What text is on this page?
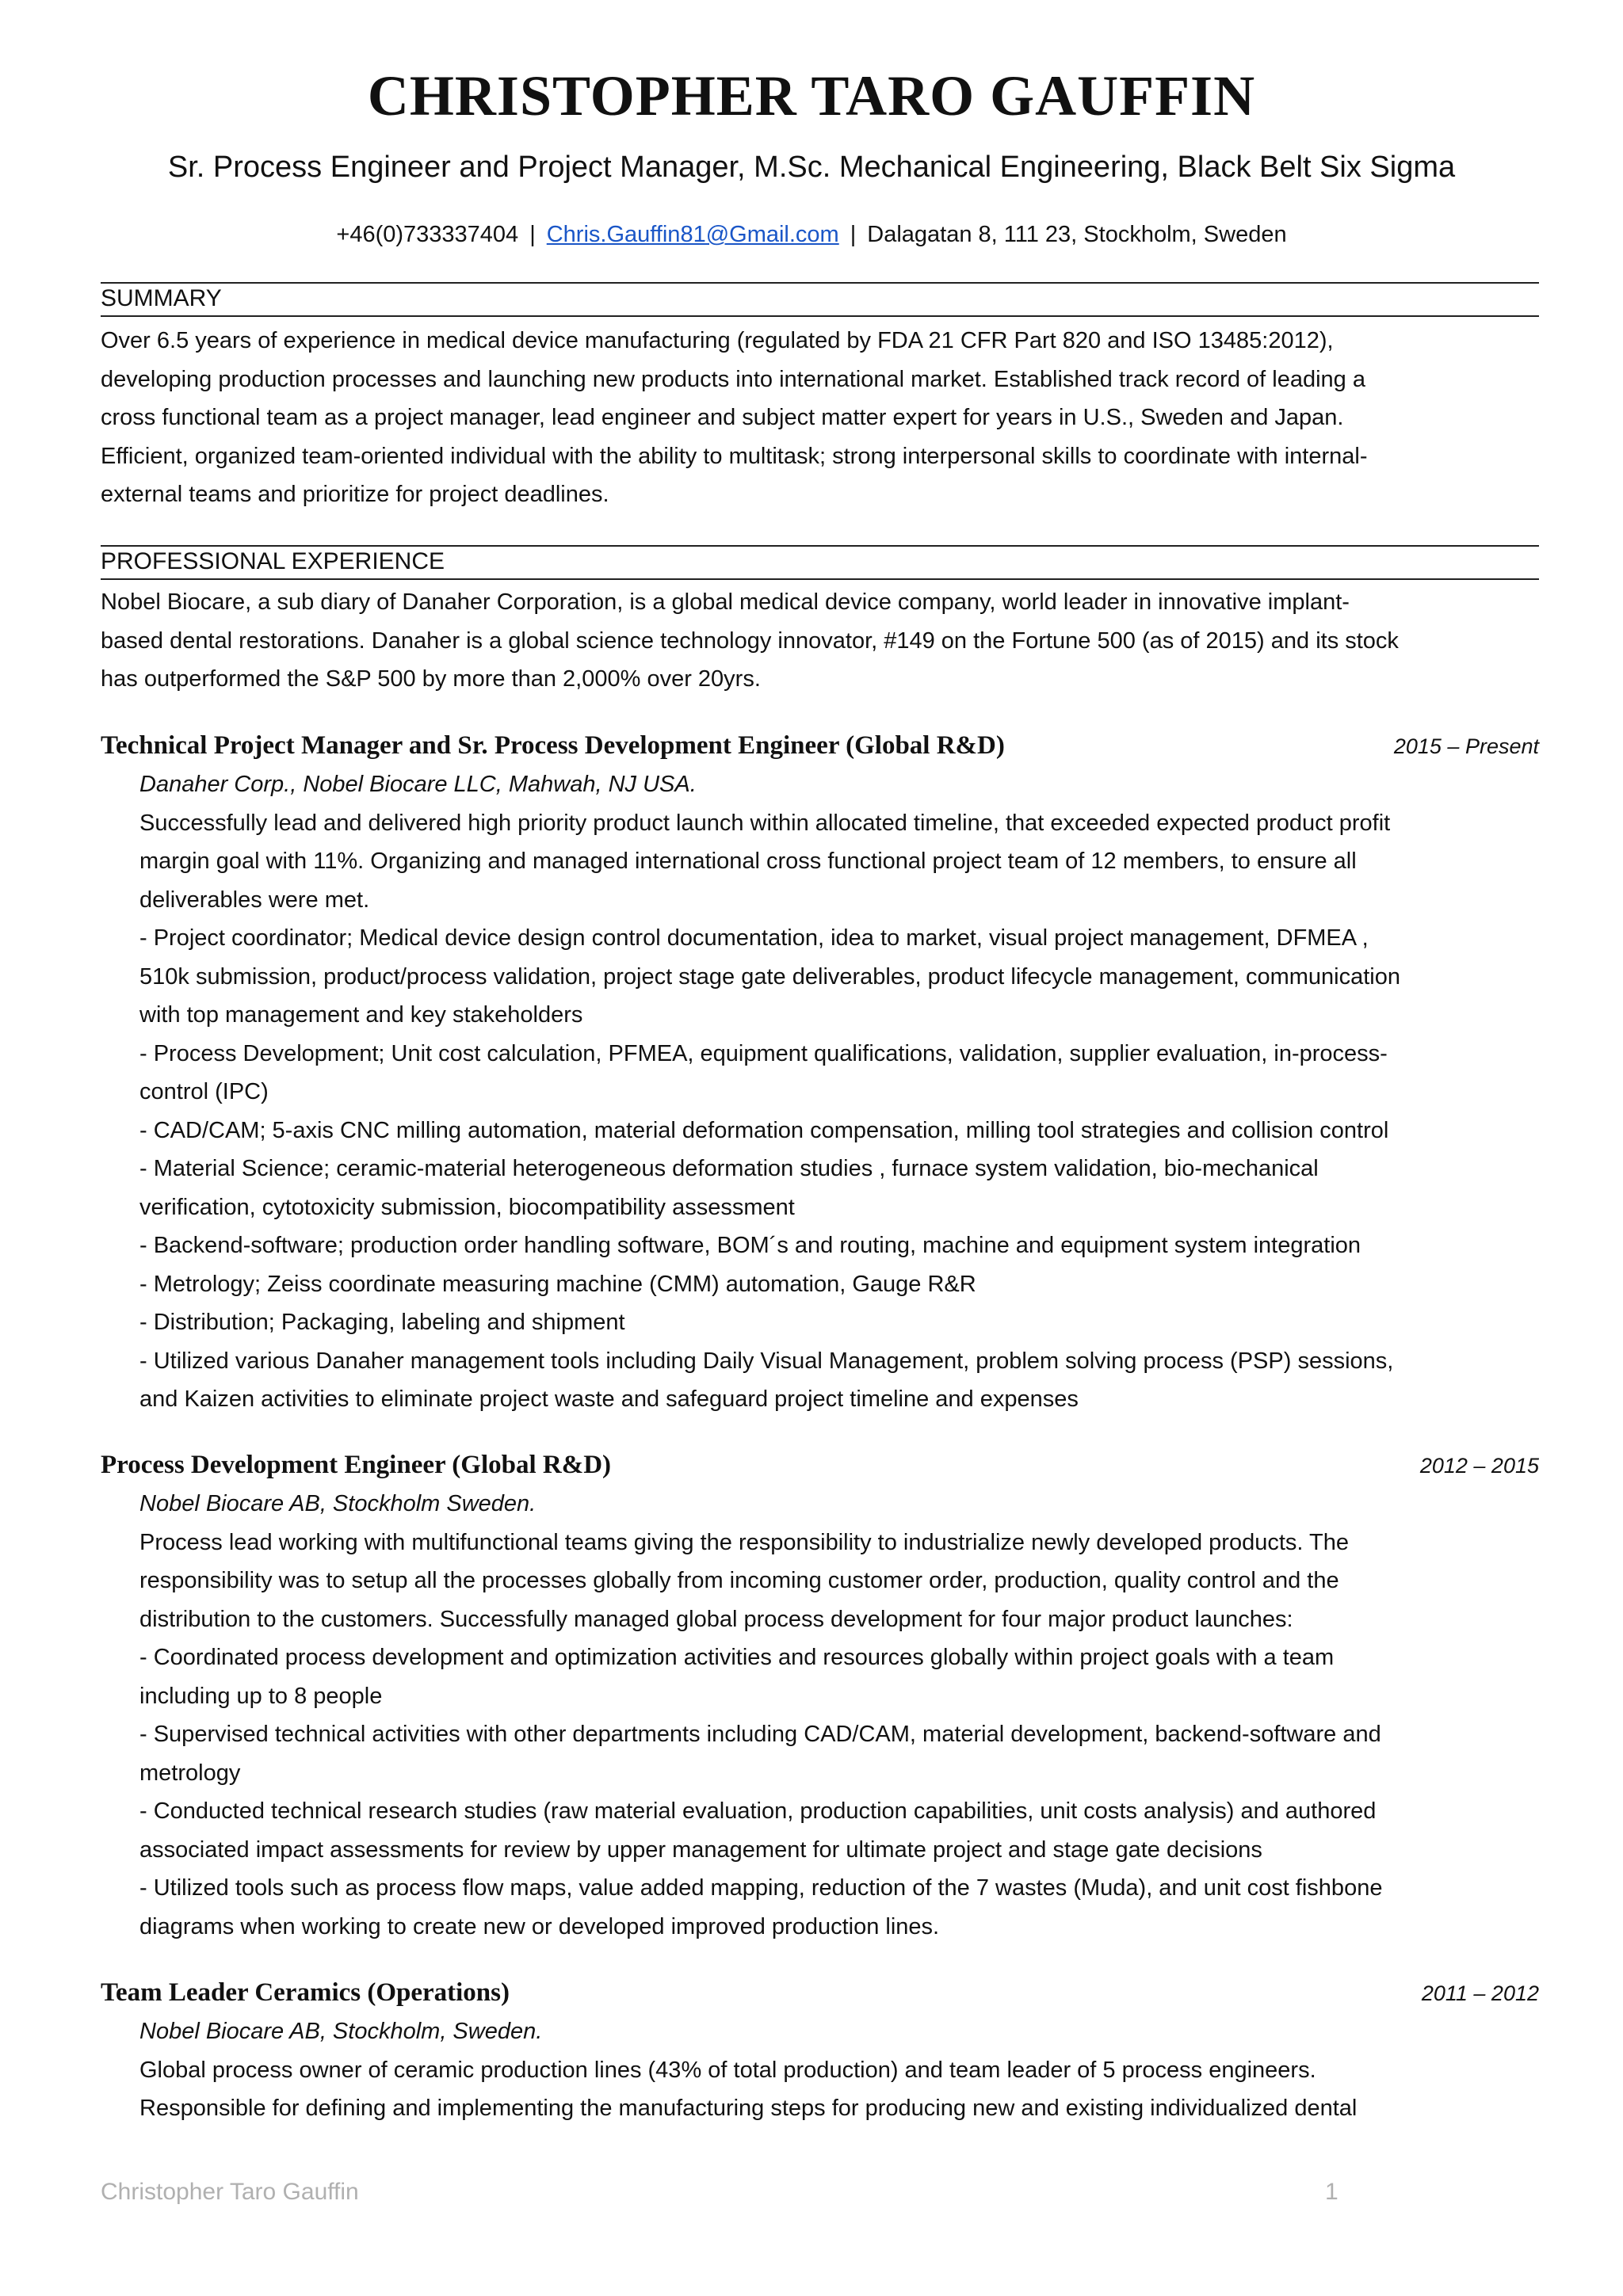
CHRISTOPHER TARO GAUFFIN
Sr. Process Engineer and Project Manager, M.Sc. Mechanical Engineering, Black Belt Six Sigma
+46(0)733337404 | Chris.Gauffin81@Gmail.com | Dalagatan 8, 111 23, Stockholm, Sweden
SUMMARY

Over 6.5 years of experience in medical device manufacturing (regulated by FDA 21 CFR Part 820 and ISO 13485:2012),

developing production processes and launching new products into international market. Established track record of leading a

cross functional team as a project manager, lead engineer and subject matter expert for years in U.S., Sweden and Japan.

Efficient, organized team-oriented individual with the ability to multitask; strong interpersonal skills to coordinate with internal-

external teams and prioritize for project deadlines.

PROFESSIONAL EXPERIENCE

Nobel Biocare, a sub diary of Danaher Corporation, is a global medical device company, world leader in innovative implant-

based dental restorations. Danaher is a global science technology innovator, #149 on the Fortune 500 (as of 2015) and its stock

has outperformed the S&P 500 by more than 2,000% over 20yrs.

Technical Project Manager and Sr. Process Development Engineer (Global R&D)	2015 – Present

Danaher Corp., Nobel Biocare LLC, Mahwah, NJ USA.

Successfully lead and delivered high priority product launch within allocated timeline, that exceeded expected product profit

margin goal with 11%. Organizing and managed international cross functional project team of 12 members, to ensure all

deliverables were met.

- Project coordinator; Medical device design control documentation, idea to market, visual project management, DFMEA ,

510k submission, product/process validation, project stage gate deliverables, product lifecycle management, communication

with top management and key stakeholders

- Process Development; Unit cost calculation, PFMEA, equipment qualifications, validation, supplier evaluation, in-process-

control (IPC)

- CAD/CAM; 5-axis CNC milling automation, material deformation compensation, milling tool strategies and collision control

- Material Science; ceramic-material heterogeneous deformation studies , furnace system validation, bio-mechanical

verification, cytotoxicity submission, biocompatibility assessment

- Backend-software; production order handling software, BOM´s and routing, machine and equipment system integration

- Metrology; Zeiss coordinate measuring machine (CMM) automation, Gauge R&R

- Distribution; Packaging, labeling and shipment

- Utilized various Danaher management tools including Daily Visual Management, problem solving process (PSP) sessions,

and Kaizen activities to eliminate project waste and safeguard project timeline and expenses

Process Development Engineer (Global R&D)	2012 – 2015

Nobel Biocare AB, Stockholm Sweden.

Process lead working with multifunctional teams giving the responsibility to industrialize newly developed products. The

responsibility was to setup all the processes globally from incoming customer order, production, quality control and the

distribution to the customers. Successfully managed global process development for four major product launches:

- Coordinated process development and optimization activities and resources globally within project goals with a team

including up to 8 people

- Supervised technical activities with other departments including CAD/CAM, material development, backend-software and

metrology

- Conducted technical research studies (raw material evaluation, production capabilities, unit costs analysis) and authored

associated impact assessments for review by upper management for ultimate project and stage gate decisions

- Utilized tools such as process flow maps, value added mapping, reduction of the 7 wastes (Muda), and unit cost fishbone

diagrams when working to create new or developed improved production lines.

Team Leader Ceramics (Operations)	2011 – 2012

Nobel Biocare AB, Stockholm, Sweden.

Global process owner of ceramic production lines (43% of total production) and team leader of 5 process engineers.

Responsible for defining and implementing the manufacturing steps for producing new and existing individualized dental

Christopher Taro Gauffin	1
